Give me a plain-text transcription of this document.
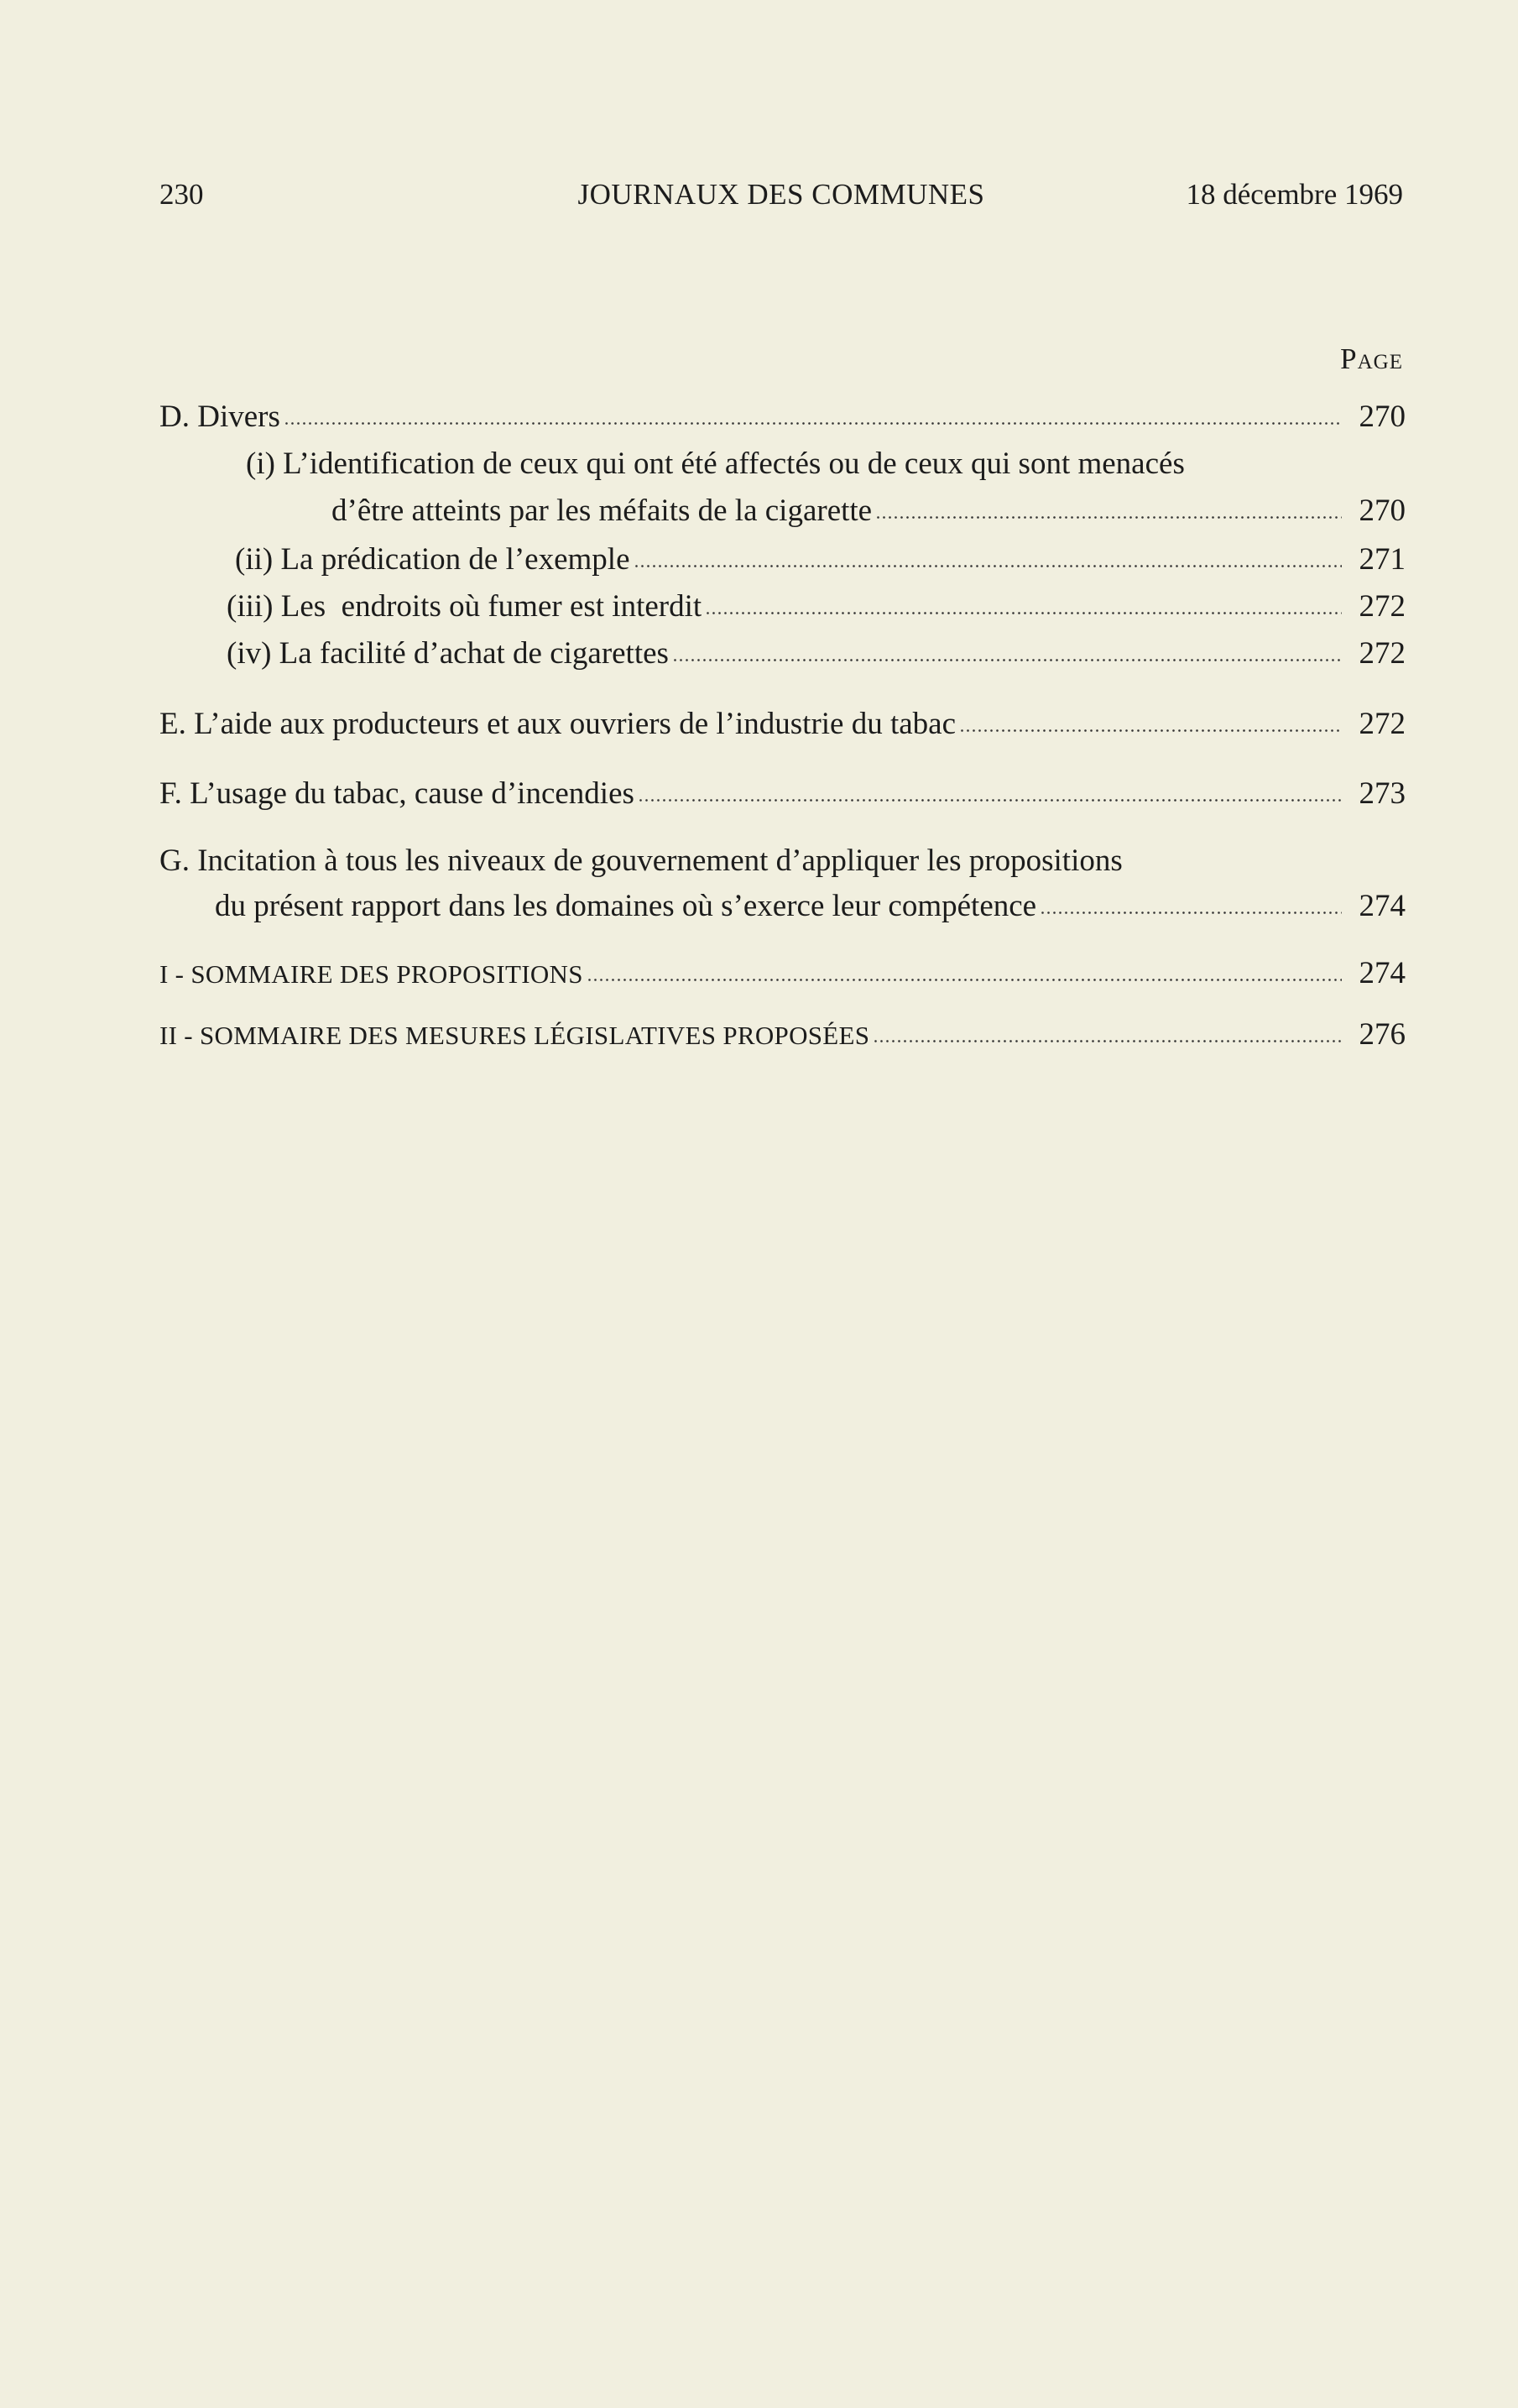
230	JOURNAUX DES COMMUNES	18 décembre 1969
Page
D. Divers	270
(i) L’identification de ceux qui ont été affectés ou de ceux qui sont menacés
d’être atteints par les méfaits de la cigarette	270
(ii) La prédication de l’exemple	271
(iii) Les  endroits où fumer est interdit	272
(iv) La facilité d’achat de cigarettes	272
E. L’aide aux producteurs et aux ouvriers de l’industrie du tabac	272
F. L’usage du tabac, cause d’incendies	273
G. Incitation à tous les niveaux de gouvernement d’appliquer les propositions
du présent rapport dans les domaines où s’exerce leur compétence	274
I - SOMMAIRE DES PROPOSITIONS	274
II - SOMMAIRE DES MESURES LÉGISLATIVES PROPOSÉES	276
